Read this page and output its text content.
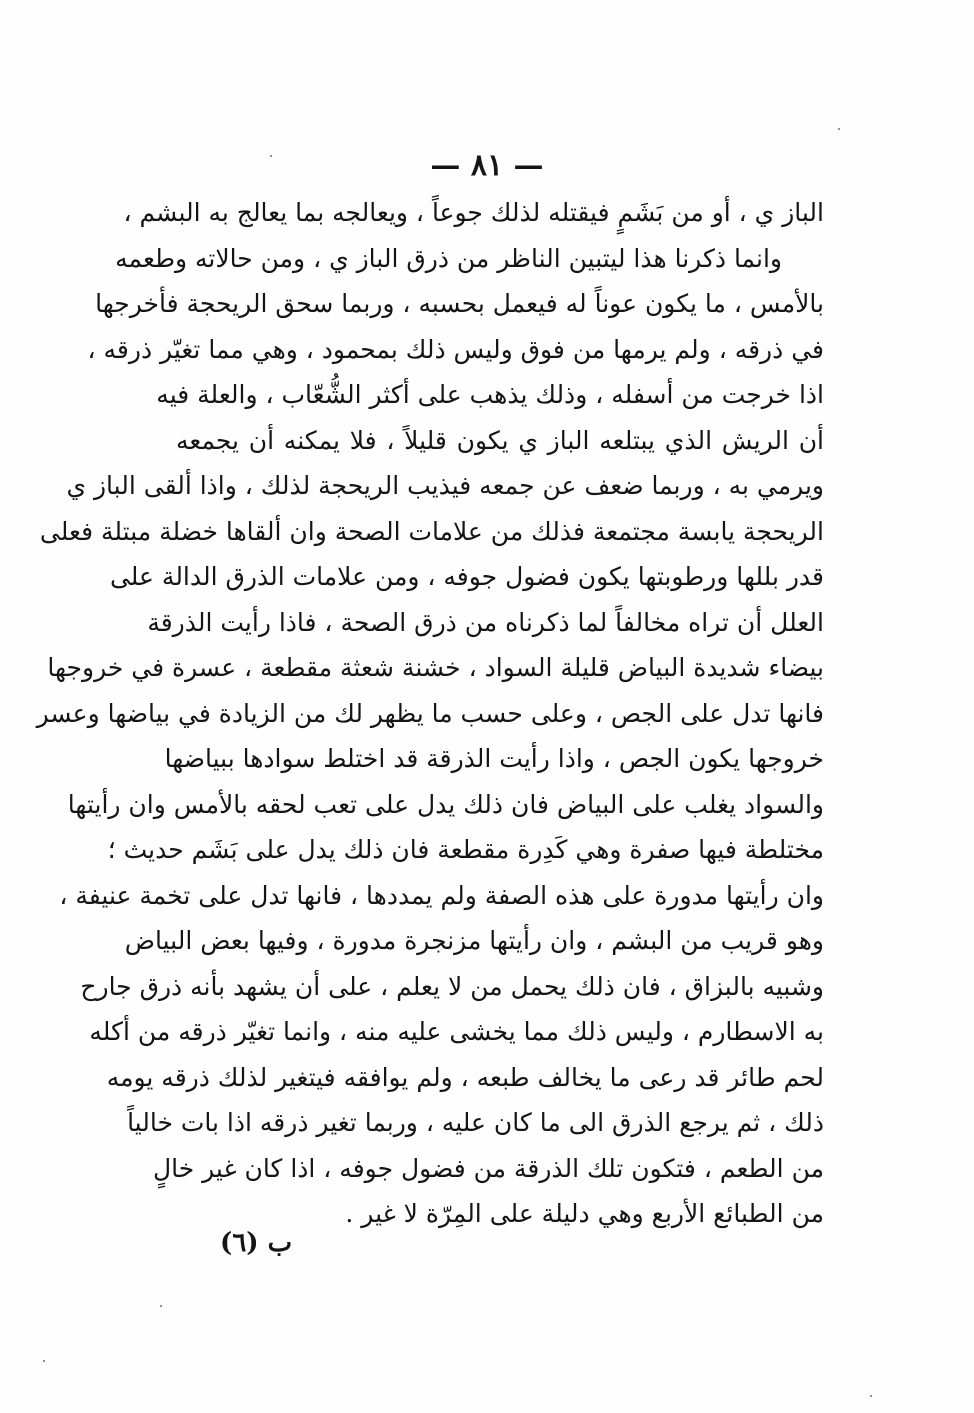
— ٨١ —
الباز ي ، أو من بَشَمٍ فيقتله لذلك جوعاً ، ويعالجه بما يعالج به البشم ،
وانما ذكرنا هذا ليتبين الناظر من ذرق الباز ي ، ومن حالاته وطعمه
بالأمس ، ما يكون عوناً له فيعمل بحسبه ، وربما سحق الريحجة فأخرجها
في ذرقه ، ولم يرمها من فوق وليس ذلك بمحمود ، وهي مما تغيّر ذرقه ،
اذا خرجت من أسفله ، وذلك يذهب على أكثر الشُّعّاب ، والعلة فيه
أن الريش الذي يبتلعه الباز ي يكون قليلاً ، فلا يمكنه أن يجمعه
ويرمي به ، وربما ضعف عن جمعه فيذيب الريحجة لذلك ، واذا ألقى الباز ي
الريحجة يابسة مجتمعة فذلك من علامات الصحة وان ألقاها خضلة مبتلة فعلى
قدر بللها ورطوبتها يكون فضول جوفه ، ومن علامات الذرق الدالة على
العلل أن تراه مخالفاً لما ذكرناه من ذرق الصحة ، فاذا رأيت الذرقة
بيضاء شديدة البياض قليلة السواد ، خشنة شعثة مقطعة ، عسرة في خروجها
فانها تدل على الجص ، وعلى حسب ما يظهر لك من الزيادة في بياضها وعسر
خروجها يكون الجص ، واذا رأيت الذرقة قد اختلط سوادها ببياضها
والسواد يغلب على البياض فان ذلك يدل على تعب لحقه بالأمس وان رأيتها
مختلطة فيها صفرة وهي كَدِرة مقطعة فان ذلك يدل على بَشَم حديث ؛
وان رأيتها مدورة على هذه الصفة ولم يمددها ، فانها تدل على تخمة عنيفة ،
وهو قريب من البشم ، وان رأيتها مزنجرة مدورة ، وفيها بعض البياض
وشبيه بالبزاق ، فان ذلك يحمل من لا يعلم ، على أن يشهد بأنه ذرق جارح
به الاسطارم ، وليس ذلك مما يخشى عليه منه ، وانما تغيّر ذرقه من أكله
لحم طائر قد رعى ما يخالف طبعه ، ولم يوافقه فيتغير لذلك ذرقه يومه
ذلك ، ثم يرجع الذرق الى ما كان عليه ، وربما تغير ذرقه اذا بات خالياً
من الطعم ، فتكون تلك الذرقة من فضول جوفه ، اذا كان غير خالٍ
من الطبائع الأربع وهي دليلة على المِرّة لا غير .
ب (٦)
